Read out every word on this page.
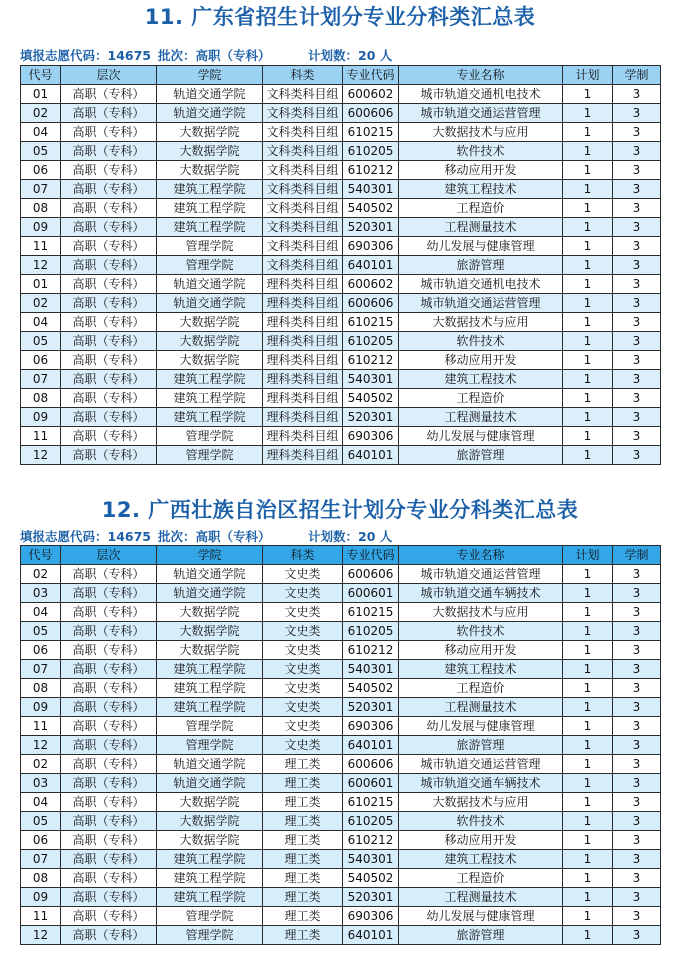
11. 广东省招生计划分专业分科类汇总表
填报志愿代码：14675 批次：高职（专科）	计划数：20 人
代号	层次	学院	科类	专业代码	专业名称	计划	学制
01	高职（专科）	轨道交通学院	文科类科目组	600602	城市轨道交通机电技术	1	3
02	高职（专科）	轨道交通学院	文科类科目组	600606	城市轨道交通运营管理	1	3
04	高职（专科）	大数据学院	文科类科目组	610215	大数据技术与应用	1	3
05	高职（专科）	大数据学院	文科类科目组	610205	软件技术	1	3
06	高职（专科）	大数据学院	文科类科目组	610212	移动应用开发	1	3
07	高职（专科）	建筑工程学院	文科类科目组	540301	建筑工程技术	1	3
08	高职（专科）	建筑工程学院	文科类科目组	540502	工程造价	1	3
09	高职（专科）	建筑工程学院	文科类科目组	520301	工程测量技术	1	3
11	高职（专科）	管理学院	文科类科目组	690306	幼儿发展与健康管理	1	3
12	高职（专科）	管理学院	文科类科目组	640101	旅游管理	1	3
01	高职（专科）	轨道交通学院	理科类科目组	600602	城市轨道交通机电技术	1	3
02	高职（专科）	轨道交通学院	理科类科目组	600606	城市轨道交通运营管理	1	3
04	高职（专科）	大数据学院	理科类科目组	610215	大数据技术与应用	1	3
05	高职（专科）	大数据学院	理科类科目组	610205	软件技术	1	3
06	高职（专科）	大数据学院	理科类科目组	610212	移动应用开发	1	3
07	高职（专科）	建筑工程学院	理科类科目组	540301	建筑工程技术	1	3
08	高职（专科）	建筑工程学院	理科类科目组	540502	工程造价	1	3
09	高职（专科）	建筑工程学院	理科类科目组	520301	工程测量技术	1	3
11	高职（专科）	管理学院	理科类科目组	690306	幼儿发展与健康管理	1	3
12	高职（专科）	管理学院	理科类科目组	640101	旅游管理	1	3
12. 广西壮族自治区招生计划分专业分科类汇总表
填报志愿代码：14675 批次：高职（专科）	计划数：20 人
代号	层次	学院	科类	专业代码	专业名称	计划	学制
02	高职（专科）	轨道交通学院	文史类	600606	城市轨道交通运营管理	1	3
03	高职（专科）	轨道交通学院	文史类	600601	城市轨道交通车辆技术	1	3
04	高职（专科）	大数据学院	文史类	610215	大数据技术与应用	1	3
05	高职（专科）	大数据学院	文史类	610205	软件技术	1	3
06	高职（专科）	大数据学院	文史类	610212	移动应用开发	1	3
07	高职（专科）	建筑工程学院	文史类	540301	建筑工程技术	1	3
08	高职（专科）	建筑工程学院	文史类	540502	工程造价	1	3
09	高职（专科）	建筑工程学院	文史类	520301	工程测量技术	1	3
11	高职（专科）	管理学院	文史类	690306	幼儿发展与健康管理	1	3
12	高职（专科）	管理学院	文史类	640101	旅游管理	1	3
02	高职（专科）	轨道交通学院	理工类	600606	城市轨道交通运营管理	1	3
03	高职（专科）	轨道交通学院	理工类	600601	城市轨道交通车辆技术	1	3
04	高职（专科）	大数据学院	理工类	610215	大数据技术与应用	1	3
05	高职（专科）	大数据学院	理工类	610205	软件技术	1	3
06	高职（专科）	大数据学院	理工类	610212	移动应用开发	1	3
07	高职（专科）	建筑工程学院	理工类	540301	建筑工程技术	1	3
08	高职（专科）	建筑工程学院	理工类	540502	工程造价	1	3
09	高职（专科）	建筑工程学院	理工类	520301	工程测量技术	1	3
11	高职（专科）	管理学院	理工类	690306	幼儿发展与健康管理	1	3
12	高职（专科）	管理学院	理工类	640101	旅游管理	1	3
